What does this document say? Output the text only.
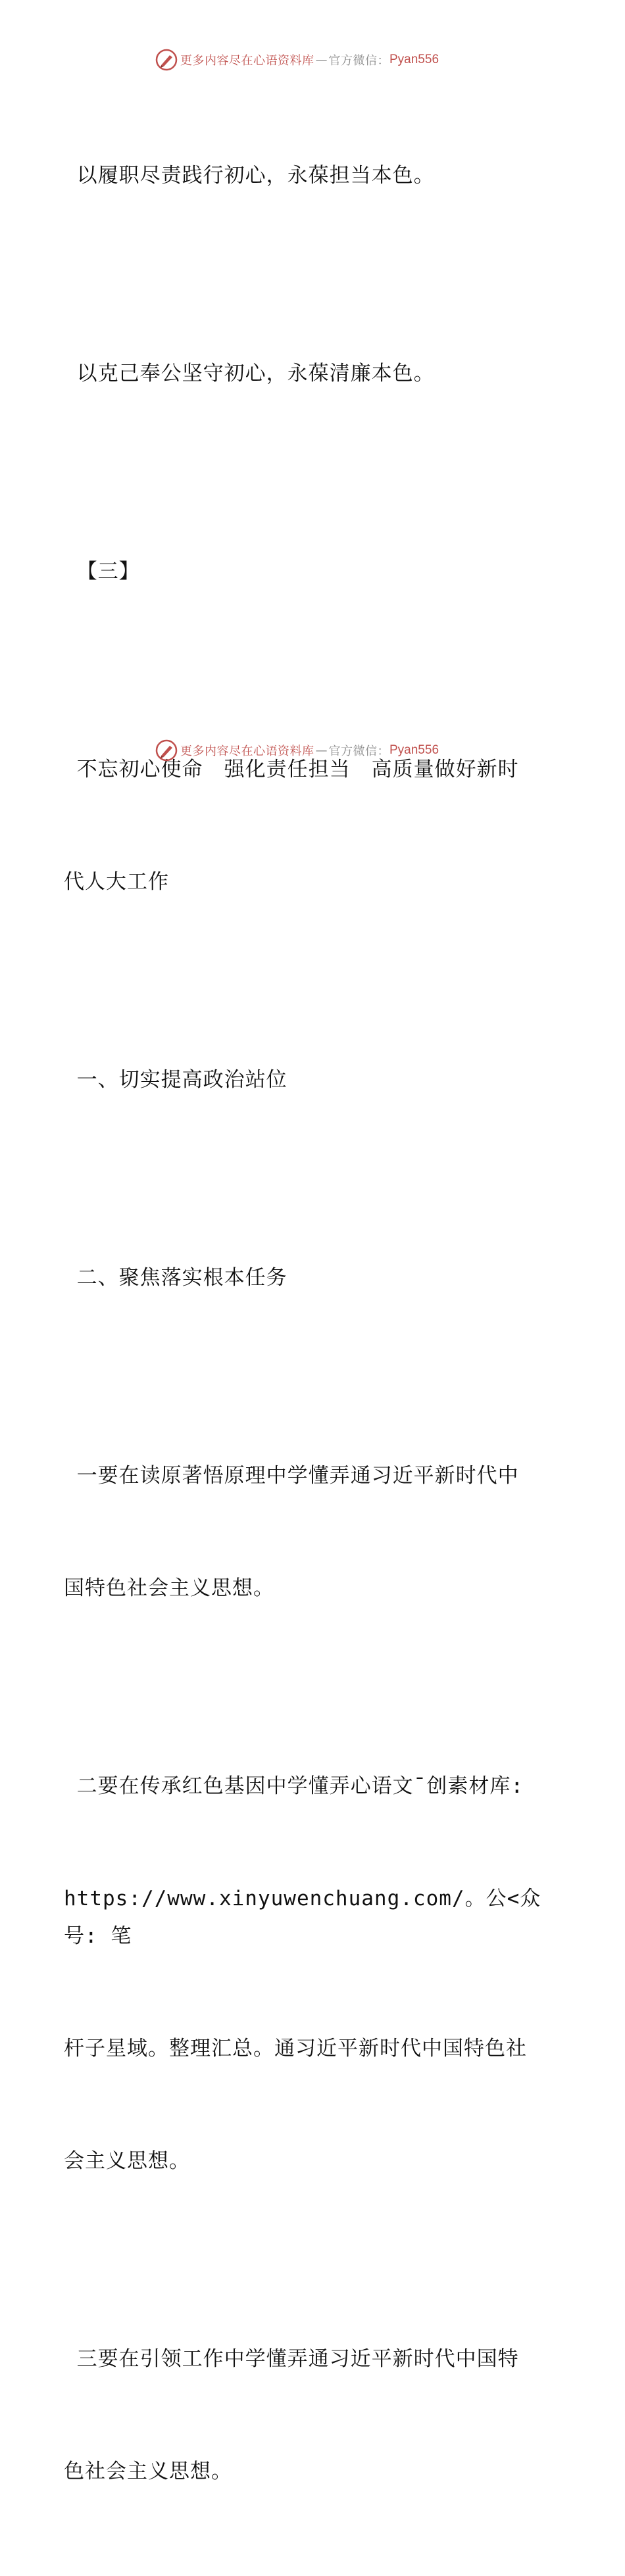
更多内容尽在心语资料库 — 官方微信： Pyan556

以履职尽责践行初心，永葆担当本色。

以克己奉公坚守初心，永葆清廉本色。

【三】

不忘初心使命　强化责任担当　高质量做好新时

代人大工作

一、切实提高政治站位

二、聚焦落实根本任务

一要在读原著悟原理中学懂弄通习近平新时代中

国特色社会主义思想。

二要在传承红色基因中学懂弄心语文¯创素材库:

https://www.xinyuwenchuang.com/。公<众号: 笔

杆子星域。整理汇总。通习近平新时代中国特色社

会主义思想。

三要在引领工作中学懂弄通习近平新时代中国特

色社会主义思想。

更多内容尽在心语资料库 — 官方微信： Pyan556
